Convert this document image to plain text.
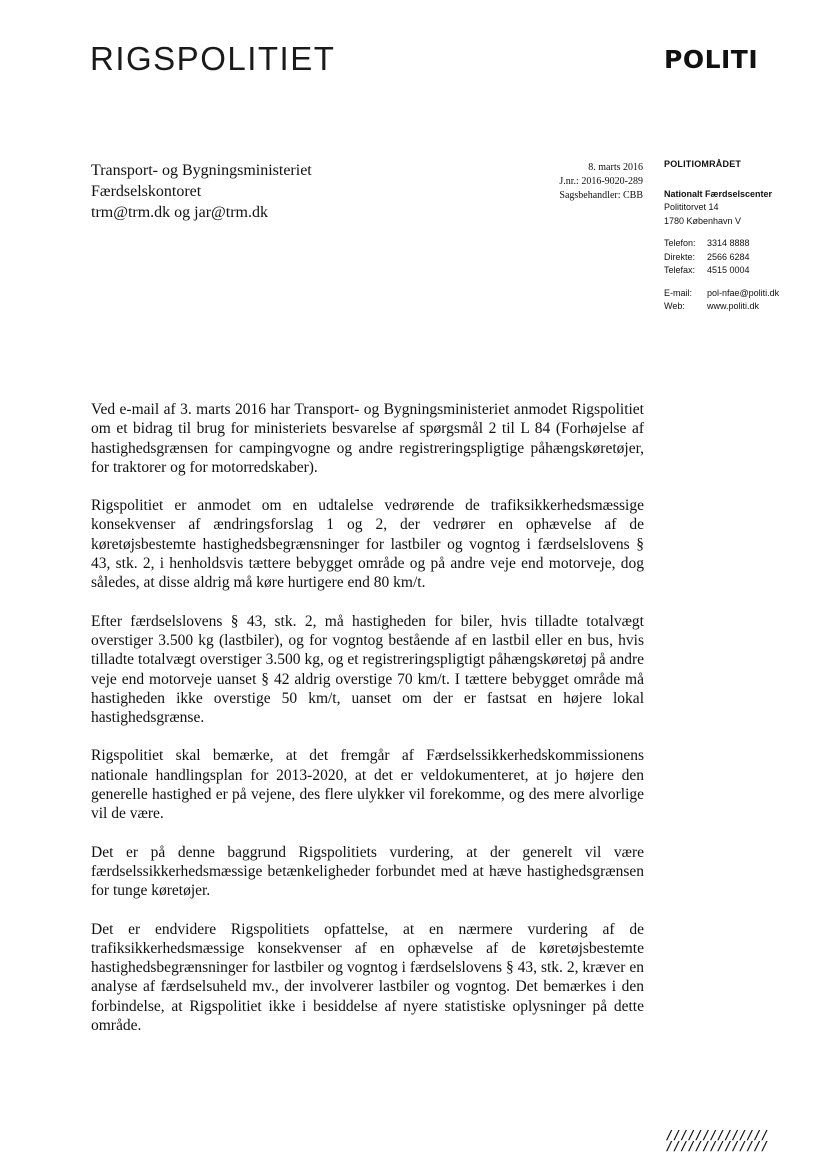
RIGSPOLITIET	POLITI
Transport- og Bygningsministeriet
Færdselskontoret
trm@trm.dk og jar@trm.dk
8. marts 2016
J.nr.: 2016-9020-289
Sagsbehandler: CBB
POLITIOMRÅDET
Nationalt Færdselscenter
Polititorvet 14
1780 København V
Telefon:	3314 8888
Direkte:	2566 6284
Telefax:	4515 0004
E-mail:	pol-nfae@politi.dk
Web:	www.politi.dk

Ved e-mail af 3. marts 2016 har Transport- og Bygningsministeriet anmodet Rigspolitiet om et bidrag til brug for ministeriets besvarelse af spørgsmål 2 til L 84 (Forhøjelse af hastighedsgrænsen for campingvogne og andre registreringspligtige påhængskøretøjer, for traktorer og for motorredskaber).

Rigspolitiet er anmodet om en udtalelse vedrørende de trafiksikkerhedsmæssige konsekvenser af ændringsforslag 1 og 2, der vedrører en ophævelse af de køretøjsbestemte hastighedsbegrænsninger for lastbiler og vogntog i færdselslovens § 43, stk. 2, i henholdsvis tættere bebygget område og på andre veje end motorveje, dog således, at disse aldrig må køre hurtigere end 80 km/t.

Efter færdselslovens § 43, stk. 2, må hastigheden for biler, hvis tilladte totalvægt overstiger 3.500 kg (lastbiler), og for vogntog bestående af en lastbil eller en bus, hvis tilladte totalvægt overstiger 3.500 kg, og et registreringspligtigt påhængskøretøj på andre veje end motorveje uanset § 42 aldrig overstige 70 km/t. I tættere bebygget område må hastigheden ikke overstige 50 km/t, uanset om der er fastsat en højere lokal hastighedsgrænse.

Rigspolitiet skal bemærke, at det fremgår af Færdselssikkerhedskommissionens nationale handlingsplan for 2013-2020, at det er veldokumenteret, at jo højere den generelle hastighed er på vejene, des flere ulykker vil forekomme, og des mere alvorlige vil de være.

Det er på denne baggrund Rigspolitiets vurdering, at der generelt vil være færdselssikkerhedsmæssige betænkeligheder forbundet med at hæve hastighedsgrænsen for tunge køretøjer.

Det er endvidere Rigspolitiets opfattelse, at en nærmere vurdering af de trafiksikkerhedsmæssige konsekvenser af en ophævelse af de køretøjsbestemte hastighedsbegrænsninger for lastbiler og vogntog i færdselslovens § 43, stk. 2, kræver en analyse af færdselsuheld mv., der involverer lastbiler og vogntog. Det bemærkes i den forbindelse, at Rigspolitiet ikke i besiddelse af nyere statistiske oplysninger på dette område.

//////////////
//////////////
